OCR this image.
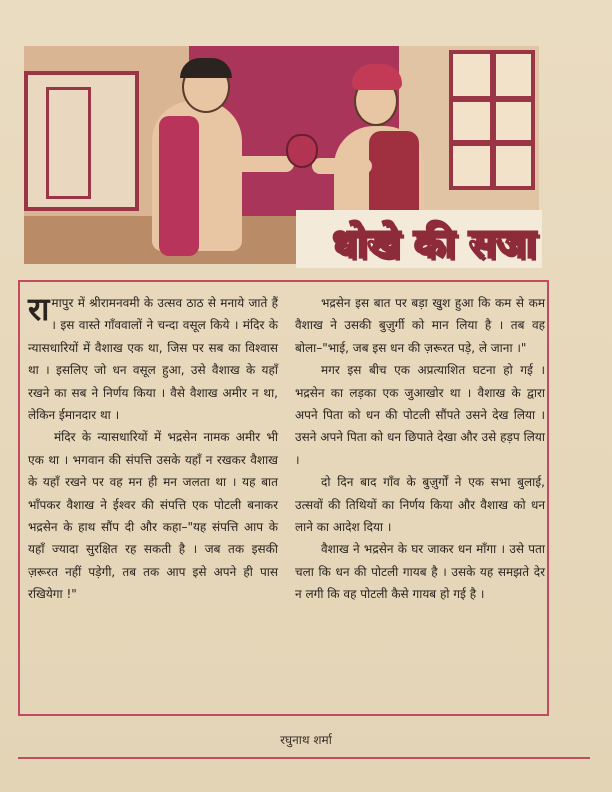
धोखे की सजा

रामापुर में श्रीरामनवमी के उत्सव ठाठ से मनाये जाते हैं । इस वास्ते गाँववालों ने चन्दा वसूल किये । मंदिर के न्यासधारियों में वैशाख एक था, जिस पर सब का विश्वास था । इसलिए जो धन वसूल हुआ, उसे वैशाख के यहाँ रखने का सब ने निर्णय किया । वैसे वैशाख अमीर न था, लेकिन ईमानदार था ।

मंदिर के न्यासधारियों में भद्रसेन नामक अमीर भी एक था । भगवान की संपत्ति उसके यहाँ न रखकर वैशाख के यहाँ रखने पर वह मन ही मन जलता था । यह बात भाँपकर वैशाख ने ईश्वर की संपत्ति एक पोटली बनाकर भद्रसेन के हाथ सौंप दी और कहा–"यह संपत्ति आप के यहाँ ज्यादा सुरक्षित रह सकती है । जब तक इसकी ज़रूरत नहीं पड़ेगी, तब तक आप इसे अपने ही पास रखियेगा !"

भद्रसेन इस बात पर बड़ा खुश हुआ कि कम से कम वैशाख ने उसकी बुज़ुर्गी को मान लिया है । तब वह बोला–"भाई, जब इस धन की ज़रूरत पड़े, ले जाना ।"

मगर इस बीच एक अप्रत्याशित घटना हो गई । भद्रसेन का लड़का एक जुआखोर था । वैशाख के द्वारा अपने पिता को धन की पोटली सौंपते उसने देख लिया । उसने अपने पिता को धन छिपाते देखा और उसे हड़प लिया ।

दो दिन बाद गाँव के बुज़ुर्गों ने एक सभा बुलाई, उत्सवों की तिथियों का निर्णय किया और वैशाख को धन लाने का आदेश दिया ।

वैशाख ने भद्रसेन के घर जाकर धन माँगा । उसे पता चला कि धन की पोटली गायब है । उसके यह समझते देर न लगी कि वह पोटली कैसे गायब हो गई है ।

रघुनाथ शर्मा
